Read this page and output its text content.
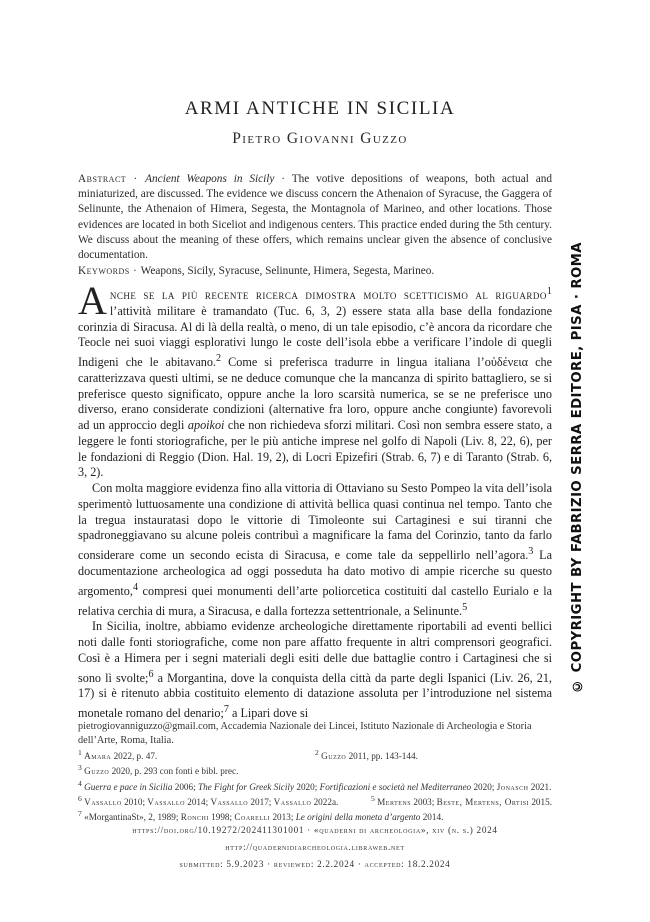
© COPYRIGHT BY FABRIZIO SERRA EDITORE, PISA · ROMA
ARMI ANTICHE IN SICILIA
Pietro Giovanni Guzzo
Abstract · Ancient Weapons in Sicily · The votive depositions of weapons, both actual and miniaturized, are discussed. The evidence we discuss concern the Athenaion of Syracuse, the Gaggera of Selinunte, the Athenaion of Himera, Segesta, the Montagnola of Marineo, and other locations. Those evidences are located in both Siceliot and indigenous centers. This practice ended during the 5th century. We discuss about the meaning of these offers, which remains unclear given the absence of conclusive documentation.
Keywords · Weapons, Sicily, Syracuse, Selinunte, Himera, Segesta, Marineo.

Anche se la più recente ricerca dimostra molto scetticismo al riguardo$^1$ l’attività militare è tramandato (Tuc. 6, 3, 2) essere stata alla base della fondazione corinzia di Siracusa. Al di là della realtà, o meno, di un tale episodio, c’è ancora da ricordare che Teocle nei suoi viaggi esplorativi lungo le coste dell’isola ebbe a verificare l’indole di quegli Indigeni che le abitavano.$^2$ Come si preferisca tradurre in lingua italiana l’οὐδένεια che caratterizzava questi ultimi, se ne deduce comunque che la mancanza di spirito battagliero, se si preferisce questo significato, oppure anche la loro scarsità numerica, se se ne preferisce uno diverso, erano considerate condizioni (alternative fra loro, oppure anche congiunte) favorevoli ad un approccio degli apoikoi che non richiedeva sforzi militari. Così non sembra essere stato, a leggere le fonti storiografiche, per le più antiche imprese nel golfo di Napoli (Liv. 8, 22, 6), per le fondazioni di Reggio (Dion. Hal. 19, 2), di Locri Epizefiri (Strab. 6, 7) e di Taranto (Strab. 6, 3, 2).

Con molta maggiore evidenza fino alla vittoria di Ottaviano su Sesto Pompeo la vita dell’isola sperimentò luttuosamente una condizione di attività bellica quasi continua nel tempo. Tanto che la tregua instauratasi dopo le vittorie di Timoleonte sui Cartaginesi e sui tiranni che spadroneggiavano su alcune poleis contribuì a magnificare la fama del Corinzio, tanto da farlo considerare come un secondo ecista di Siracusa, e come tale da seppellirlo nell’agora.$^3$ La documentazione archeologica ad oggi posseduta ha dato motivo di ampie ricerche su questo argomento,$^4$ compresi quei monumenti dell’arte poliorcetica costituiti dal castello Eurialo e la relativa cerchia di mura, a Siracusa, e dalla fortezza settentrionale, a Selinunte.$^5$

In Sicilia, inoltre, abbiamo evidenze archeologiche direttamente riportabili ad eventi bellici noti dalle fonti storiografiche, come non pare affatto frequente in altri comprensori geografici. Così è a Himera per i segni materiali degli esiti delle due battaglie contro i Cartaginesi che si sono lì svolte;$^6$ a Morgantina, dove la conquista della città da parte degli Ispanici (Liv. 26, 21, 17) si è ritenuto abbia costituito elemento di datazione assoluta per l’introduzione nel sistema monetale romano del denario;$^7$ a Lipari dove si

pietrogiovanniguzzo@gmail.com, Accademia Nazionale dei Lincei, Istituto Nazionale di Archeologia e Storia dell’Arte, Roma, Italia.
$^1$ Amara 2022, p. 47.	$^2$ Guzzo 2011, pp. 143-144.
$^3$ Guzzo 2020, p. 293 con fonti e bibl. prec.
$^4$ Guerra e pace in Sicilia 2006; The Fight for Greek Sicily 2020; Fortificazioni e società nel Mediterraneo 2020; Jonasch 2021.
$^5$ Mertens 2003; Beste, Mertens, Ortisi 2015.
$^6$ Vassallo 2010; Vassallo 2014; Vassallo 2017; Vassallo 2022a.
$^7$ «MorgantinaSt», 2, 1989; Ronchi 1998; Coarelli 2013; Le origini della moneta d’argento 2014.
https://doi.org/10.19272/202411301001 · «quaderni di archeologia», xiv (n. s.) 2024
http://quadernidiarcheologia.libraweb.net
submitted: 5.9.2023 · reviewed: 2.2.2024 · accepted: 18.2.2024
